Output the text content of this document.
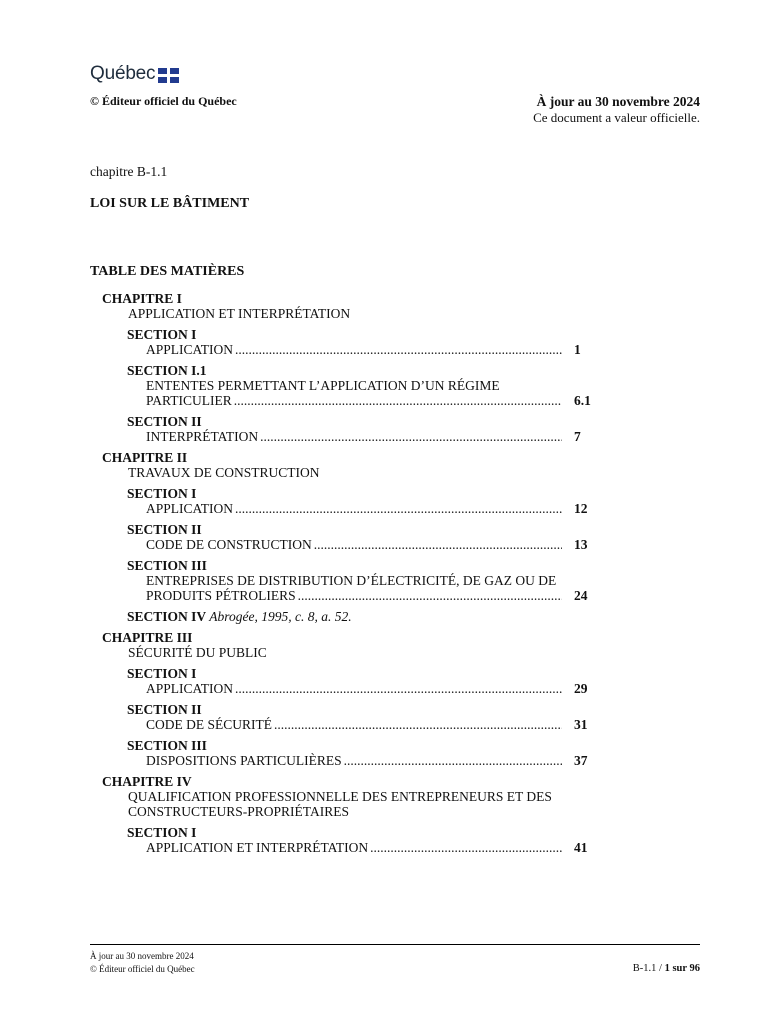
Québec
© Éditeur officiel du Québec	À jour au 30 novembre 2024
Ce document a valeur officielle.
chapitre B-1.1
LOI SUR LE BÂTIMENT
TABLE DES MATIÈRES
CHAPITRE I
APPLICATION ET INTERPRÉTATION
SECTION I
APPLICATION .....	1
SECTION I.1
ENTENTES PERMETTANT L’APPLICATION D’UN RÉGIME
PARTICULIER .....	6.1
SECTION II
INTERPRÉTATION .....	7
CHAPITRE II
TRAVAUX DE CONSTRUCTION
SECTION I
APPLICATION .....	12
SECTION II
CODE DE CONSTRUCTION .....	13
SECTION III
ENTREPRISES DE DISTRIBUTION D’ÉLECTRICITÉ, DE GAZ OU DE
PRODUITS PÉTROLIERS .....	24
SECTION IV Abrogée, 1995, c. 8, a. 52.
CHAPITRE III
SÉCURITÉ DU PUBLIC
SECTION I
APPLICATION .....	29
SECTION II
CODE DE SÉCURITÉ .....	31
SECTION III
DISPOSITIONS PARTICULIÈRES .....	37
CHAPITRE IV
QUALIFICATION PROFESSIONNELLE DES ENTREPRENEURS ET DES
CONSTRUCTEURS-PROPRIÉTAIRES
SECTION I
APPLICATION ET INTERPRÉTATION .....	41
À jour au 30 novembre 2024
© Éditeur officiel du Québec	B-1.1 / 1 sur 96
